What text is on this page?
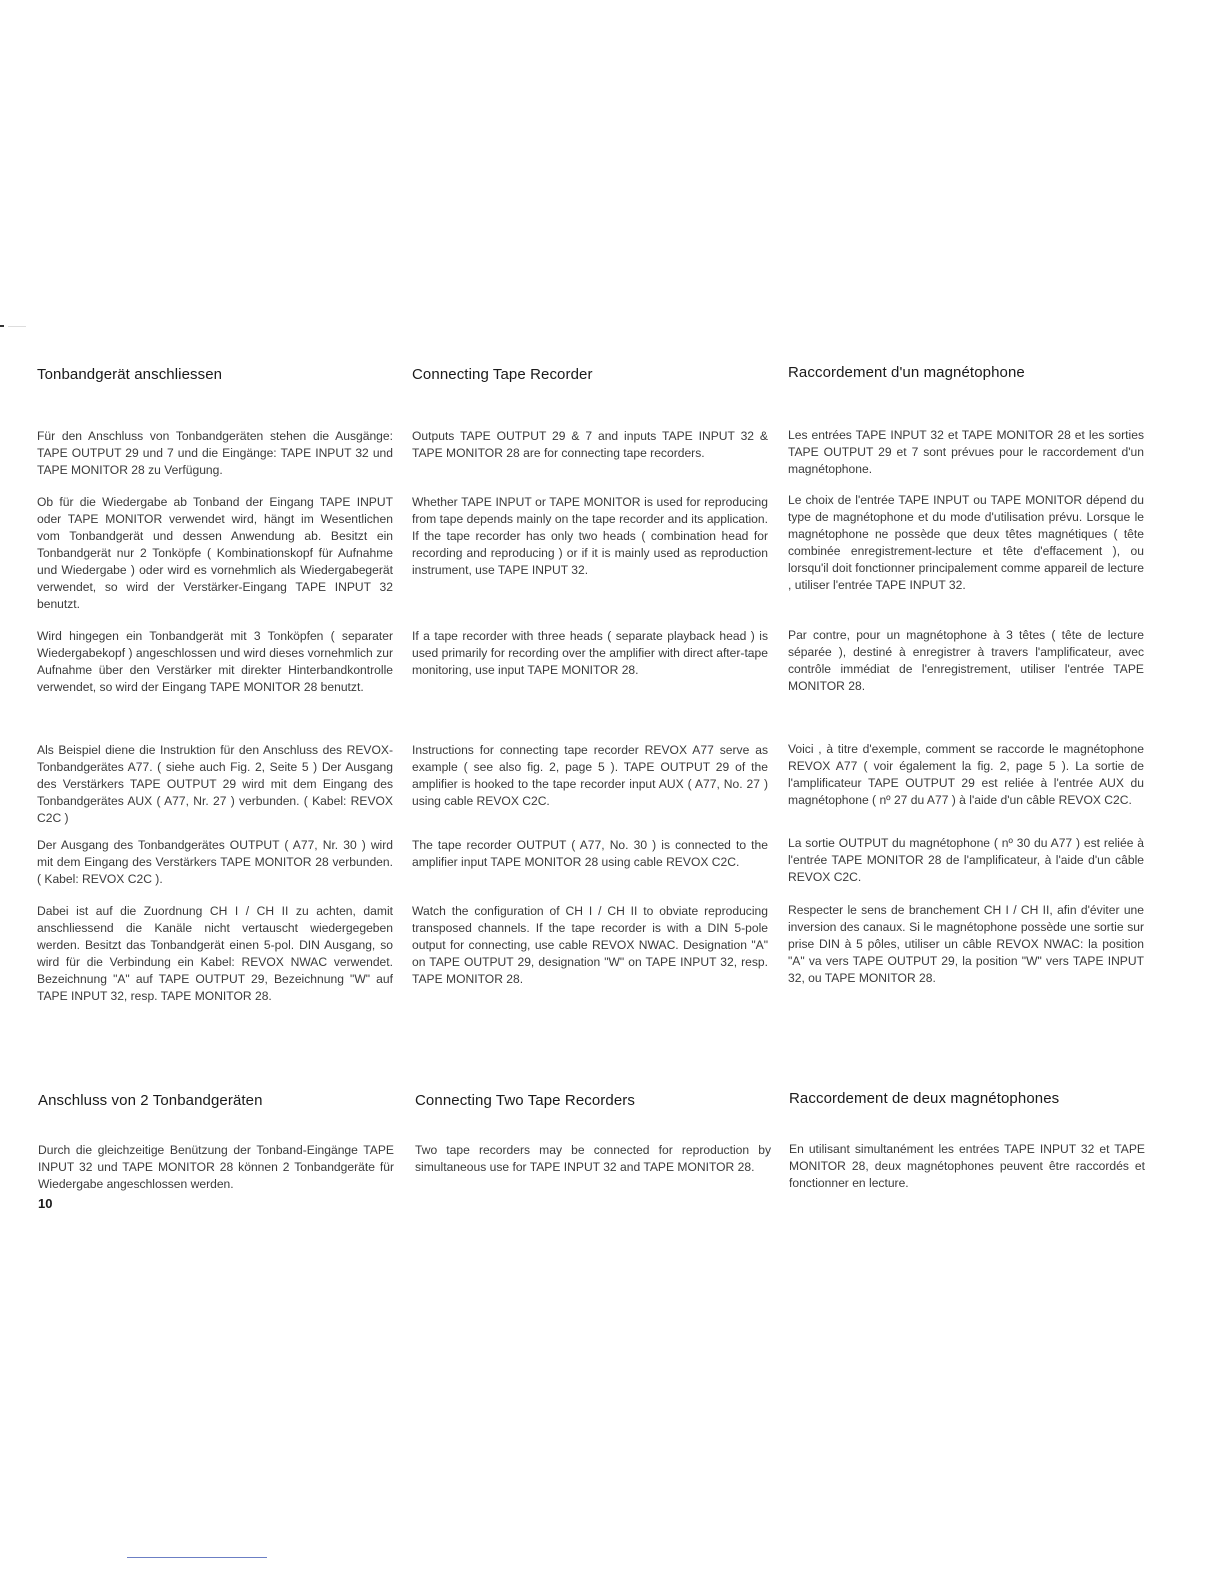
Tonbandgerät anschliessen	Connecting Tape Recorder	Raccordement d'un magnétophone

Für den Anschluss von Tonbandgeräten stehen die Ausgänge: TAPE OUTPUT 29 und 7 und die Eingänge: TAPE INPUT 32 und TAPE MONITOR 28 zu Verfügung.

Ob für die Wiedergabe ab Tonband der Eingang TAPE INPUT oder TAPE MONITOR verwendet wird, hängt im Wesentlichen vom Tonbandgerät und dessen Anwendung ab. Besitzt ein Tonbandgerät nur 2 Tonköpfe ( Kombinationskopf für Aufnahme und Wiedergabe ) oder wird es vornehmlich als Wiedergabegerät verwendet, so wird der Verstärker-Eingang TAPE INPUT 32 benutzt.

Wird hingegen ein Tonbandgerät mit 3 Tonköpfen ( separater Wiedergabekopf ) angeschlossen und wird dieses vornehmlich zur Aufnahme über den Verstärker mit direkter Hinterbandkontrolle verwendet, so wird der Eingang TAPE MONITOR 28 benutzt.

Als Beispiel diene die Instruktion für den Anschluss des REVOX-Tonbandgerätes A77. ( siehe auch Fig. 2, Seite 5 ) Der Ausgang des Verstärkers TAPE OUTPUT 29 wird mit dem Eingang des Tonbandgerätes AUX ( A77, Nr. 27 ) verbunden. ( Kabel: REVOX C2C )

Der Ausgang des Tonbandgerätes OUTPUT ( A77, Nr. 30 ) wird mit dem Eingang des Verstärkers TAPE MONITOR 28 verbunden. ( Kabel: REVOX C2C ).

Dabei ist auf die Zuordnung CH I / CH II zu achten, damit anschliessend die Kanäle nicht vertauscht wiedergegeben werden. Besitzt das Tonbandgerät einen 5-pol. DIN Ausgang, so wird für die Verbindung ein Kabel: REVOX NWAC verwendet. Bezeichnung "A" auf TAPE OUTPUT 29, Bezeichnung "W" auf TAPE INPUT 32, resp. TAPE MONITOR 28.

Outputs TAPE OUTPUT 29 & 7 and inputs TAPE INPUT 32 & TAPE MONITOR 28 are for connecting tape recorders.

Whether TAPE INPUT or TAPE MONITOR is used for reproducing from tape depends mainly on the tape recorder and its application. If the tape recorder has only two heads ( combination head for recording and reproducing ) or if it is mainly used as reproduction instrument, use TAPE INPUT 32.

If a tape recorder with three heads ( separate playback head ) is used primarily for recording over the amplifier with direct after-tape monitoring, use input TAPE MONITOR 28.

Instructions for connecting tape recorder REVOX A77 serve as example ( see also fig. 2, page 5 ). TAPE OUTPUT 29 of the amplifier is hooked to the tape recorder input AUX ( A77, No. 27 ) using cable REVOX C2C.

The tape recorder OUTPUT ( A77, No. 30 ) is connected to the amplifier input TAPE MONITOR 28 using cable REVOX C2C.

Watch the configuration of CH I / CH II to obviate reproducing transposed channels. If the tape recorder is with a DIN 5-pole output for connecting, use cable REVOX NWAC. Designation "A" on TAPE OUTPUT 29, designation "W" on TAPE INPUT 32, resp. TAPE MONITOR 28.

Les entrées TAPE INPUT 32 et TAPE MONITOR 28 et les sorties TAPE OUTPUT 29 et 7 sont prévues pour le raccordement d'un magnétophone.

Le choix de l'entrée TAPE INPUT ou TAPE MONITOR dépend du type de magnétophone et du mode d'utilisation prévu. Lorsque le magnétophone ne possède que deux têtes magnétiques ( tête combinée enregistrement-lecture et tête d'effacement ), ou lorsqu'il doit fonctionner principalement comme appareil de lecture , utiliser l'entrée TAPE INPUT 32.

Par contre, pour un magnétophone à 3 têtes ( tête de lecture séparée ), destiné à enregistrer à travers l'amplificateur, avec contrôle immédiat de l'enregistrement, utiliser l'entrée TAPE MONITOR 28.

Voici , à titre d'exemple, comment se raccorde le magnétophone REVOX A77 ( voir également la fig. 2, page 5 ). La sortie de l'amplificateur TAPE OUTPUT 29 est reliée à l'entrée AUX du magnétophone ( nº 27 du A77 ) à l'aide d'un câble REVOX C2C.

La sortie OUTPUT du magnétophone ( nº 30 du A77 ) est reliée à l'entrée TAPE MONITOR 28 de l'amplificateur, à l'aide d'un câble REVOX C2C.

Respecter le sens de branchement CH I / CH II, afin d'éviter une inversion des canaux. Si le magnétophone possède une sortie sur prise DIN à 5 pôles, utiliser un câble REVOX NWAC: la position "A" va vers TAPE OUTPUT 29, la position "W" vers TAPE INPUT 32, ou TAPE MONITOR 28.

Anschluss von 2 Tonbandgeräten	Connecting Two Tape Recorders	Raccordement de deux magnétophones

Durch die gleichzeitige Benützung der Tonband-Eingänge TAPE INPUT 32 und TAPE MONITOR 28 können 2 Tonbandgeräte für Wiedergabe angeschlossen werden.

Two tape recorders may be connected for reproduction by simultaneous use for TAPE INPUT 32 and TAPE MONITOR 28.

En utilisant simultanément les entrées TAPE INPUT 32 et TAPE MONITOR 28, deux magnétophones peuvent être raccordés et fonctionner en lecture.

10
